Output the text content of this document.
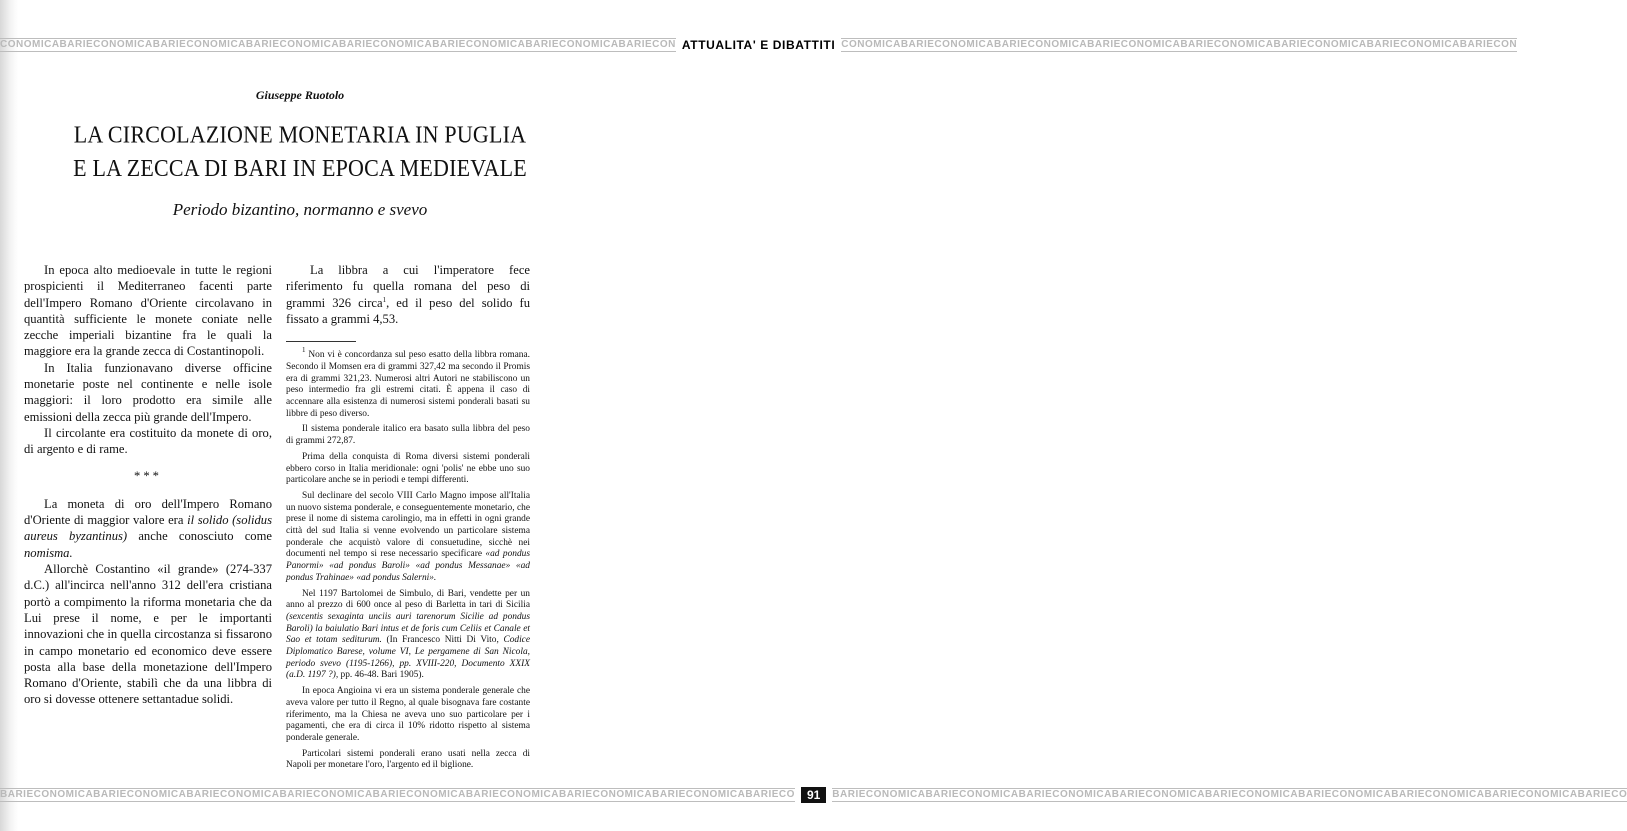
CONOMICABARIECONOMICABARIECONOMICABARIECONOMICABARIECONOMICABARIECONOMICABARIECONOMICABARIECON ATTUALITA' E DIBATTITI CONOMICABARIECONOMICABARIECONOMICABARIECONOMICABARIECONOMICABARIECONOMICABARIECONOMICABARIECON
Giuseppe Ruotolo
LA CIRCOLAZIONE MONETARIA IN PUGLIA
E LA ZECCA DI BARI IN EPOCA MEDIEVALE
Periodo bizantino, normanno e svevo

In epoca alto medioevale in tutte le regioni prospicienti il Mediterraneo facenti parte dell'Impero Romano d'Oriente circolavano in quantità sufficiente le monete coniate nelle zecche imperiali bizantine fra le quali la maggiore era la grande zecca di Costantinopoli.

In Italia funzionavano diverse officine monetarie poste nel continente e nelle isole maggiori: il loro prodotto era simile alle emissioni della zecca più grande dell'Impero.

Il circolante era costituito da monete di oro, di argento e di rame.

***

La moneta di oro dell'Impero Romano d'Oriente di maggior valore era il solido (solidus aureus byzantinus) anche conosciuto come nomisma.

Allorchè Costantino «il grande» (274-337 d.C.) all'incirca nell'anno 312 dell'era cristiana portò a compimento la riforma monetaria che da Lui prese il nome, e per le importanti innovazioni che in quella circostanza si fissarono in campo monetario ed economico deve essere posta alla base della monetazione dell'Impero Romano d'Oriente, stabilì che da una libbra di oro si dovesse ottenere settantadue solidi.

La libbra a cui l'imperatore fece riferimento fu quella romana del peso di grammi 326 circa$^1$, ed il peso del solido fu fissato a grammi 4,53.

$^1$ Non vi è concordanza sul peso esatto della libbra romana. Secondo il Momsen era di grammi 327,42 ma secondo il Promis era di grammi 321,23. Numerosi altri Autori ne stabiliscono un peso intermedio fra gli estremi citati. È appena il caso di accennare alla esistenza di numerosi sistemi ponderali basati su libbre di peso diverso.

Il sistema ponderale italico era basato sulla libbra del peso di grammi 272,87.

Prima della conquista di Roma diversi sistemi ponderali ebbero corso in Italia meridionale: ogni 'polis' ne ebbe uno suo particolare anche se in periodi e tempi differenti.

Sul declinare del secolo VIII Carlo Magno impose all'Italia un nuovo sistema ponderale, e conseguentemente monetario, che prese il nome di sistema carolingio, ma in effetti in ogni grande città del sud Italia si venne evolvendo un particolare sistema ponderale che acquistò valore di consuetudine, sicchè nei documenti nel tempo si rese necessario specificare «ad pondus Panormi» «ad pondus Baroli» «ad pondus Messanae» «ad pondus Trahinae» «ad pondus Salerni».

Nel 1197 Bartolomei de Simbulo, di Bari, vendette per un anno al prezzo di 600 once al peso di Barletta in tari di Sicilia (sexcentis sexaginta unciis auri tarenorum Sicilie ad pondus Baroli) la baiulatio Bari intus et de foris cum Celiis et Canale et Sao et totam sediturum. (In Francesco Nitti Di Vito, Codice Diplomatico Barese, volume VI, Le pergamene di San Nicola, periodo svevo (1195-1266), pp. XVIII-220, Documento XXIX (a.D. 1197 ?), pp. 46-48. Bari 1905).

In epoca Angioina vi era un sistema ponderale generale che aveva valore per tutto il Regno, al quale bisognava fare costante riferimento, ma la Chiesa ne aveva uno suo particolare per i pagamenti, che era di circa il 10% ridotto rispetto al sistema ponderale generale.

Particolari sistemi ponderali erano usati nella zecca di Napoli per monetare l'oro, l'argento ed il biglione.

BARIECONOMICABARIECONOMICABARIECONOMICABARIECONOMICABARIECONOMICABARIECONOMICABARIECONOMICABARIECONOMICABARIECO	91	BARIECONOMICABARIECONOMICABARIECONOMICABARIECONOMICABARIECONOMICABARIECONOMICABARIECONOMICABARIECONOMICABARIECO
